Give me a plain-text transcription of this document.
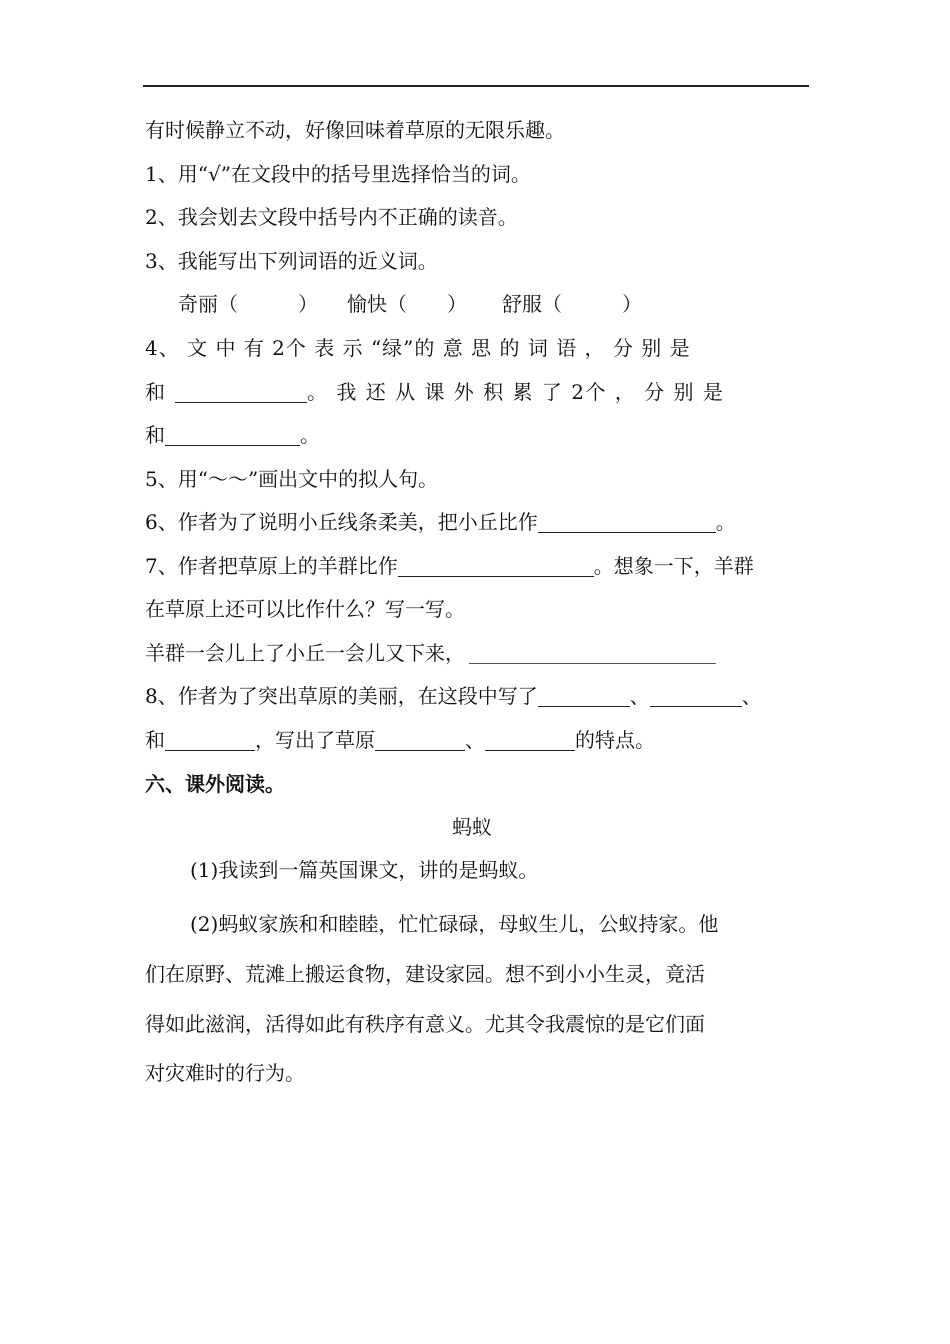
有时候静立不动，好像回味着草原的无限乐趣。
1、用“√”在文段中的括号里选择恰当的词。
2、我会划去文段中括号内不正确的读音。
3、我能写出下列词语的近义词。
奇丽（　　　） 愉快（　　） 舒服（　　　）
4、 文 中 有 2个 表 示 “绿”的 意 思 的 词 语 ， 分 别 是
和	。 我 还 从 课 外 积 累 了 2个 ， 分 别 是
和	。
5、用“～～”画出文中的拟人句。
6、作者为了说明小丘线条柔美，把小丘比作	。
7、作者把草原上的羊群比作	。想象一下，羊群
在草原上还可以比作什么？写一写。
羊群一会儿上了小丘一会儿又下来，
8、作者为了突出草原的美丽，在这段中写了	、	、
和	，写出了草原	、	的特点。
六、课外阅读。
蚂蚁
(1)我读到一篇英国课文，讲的是蚂蚁。
(2)蚂蚁家族和和睦睦，忙忙碌碌，母蚁生儿，公蚁持家。他
们在原野、荒滩上搬运食物，建设家园。想不到小小生灵，竟活
得如此滋润，活得如此有秩序有意义。尤其令我震惊的是它们面
对灾难时的行为。
